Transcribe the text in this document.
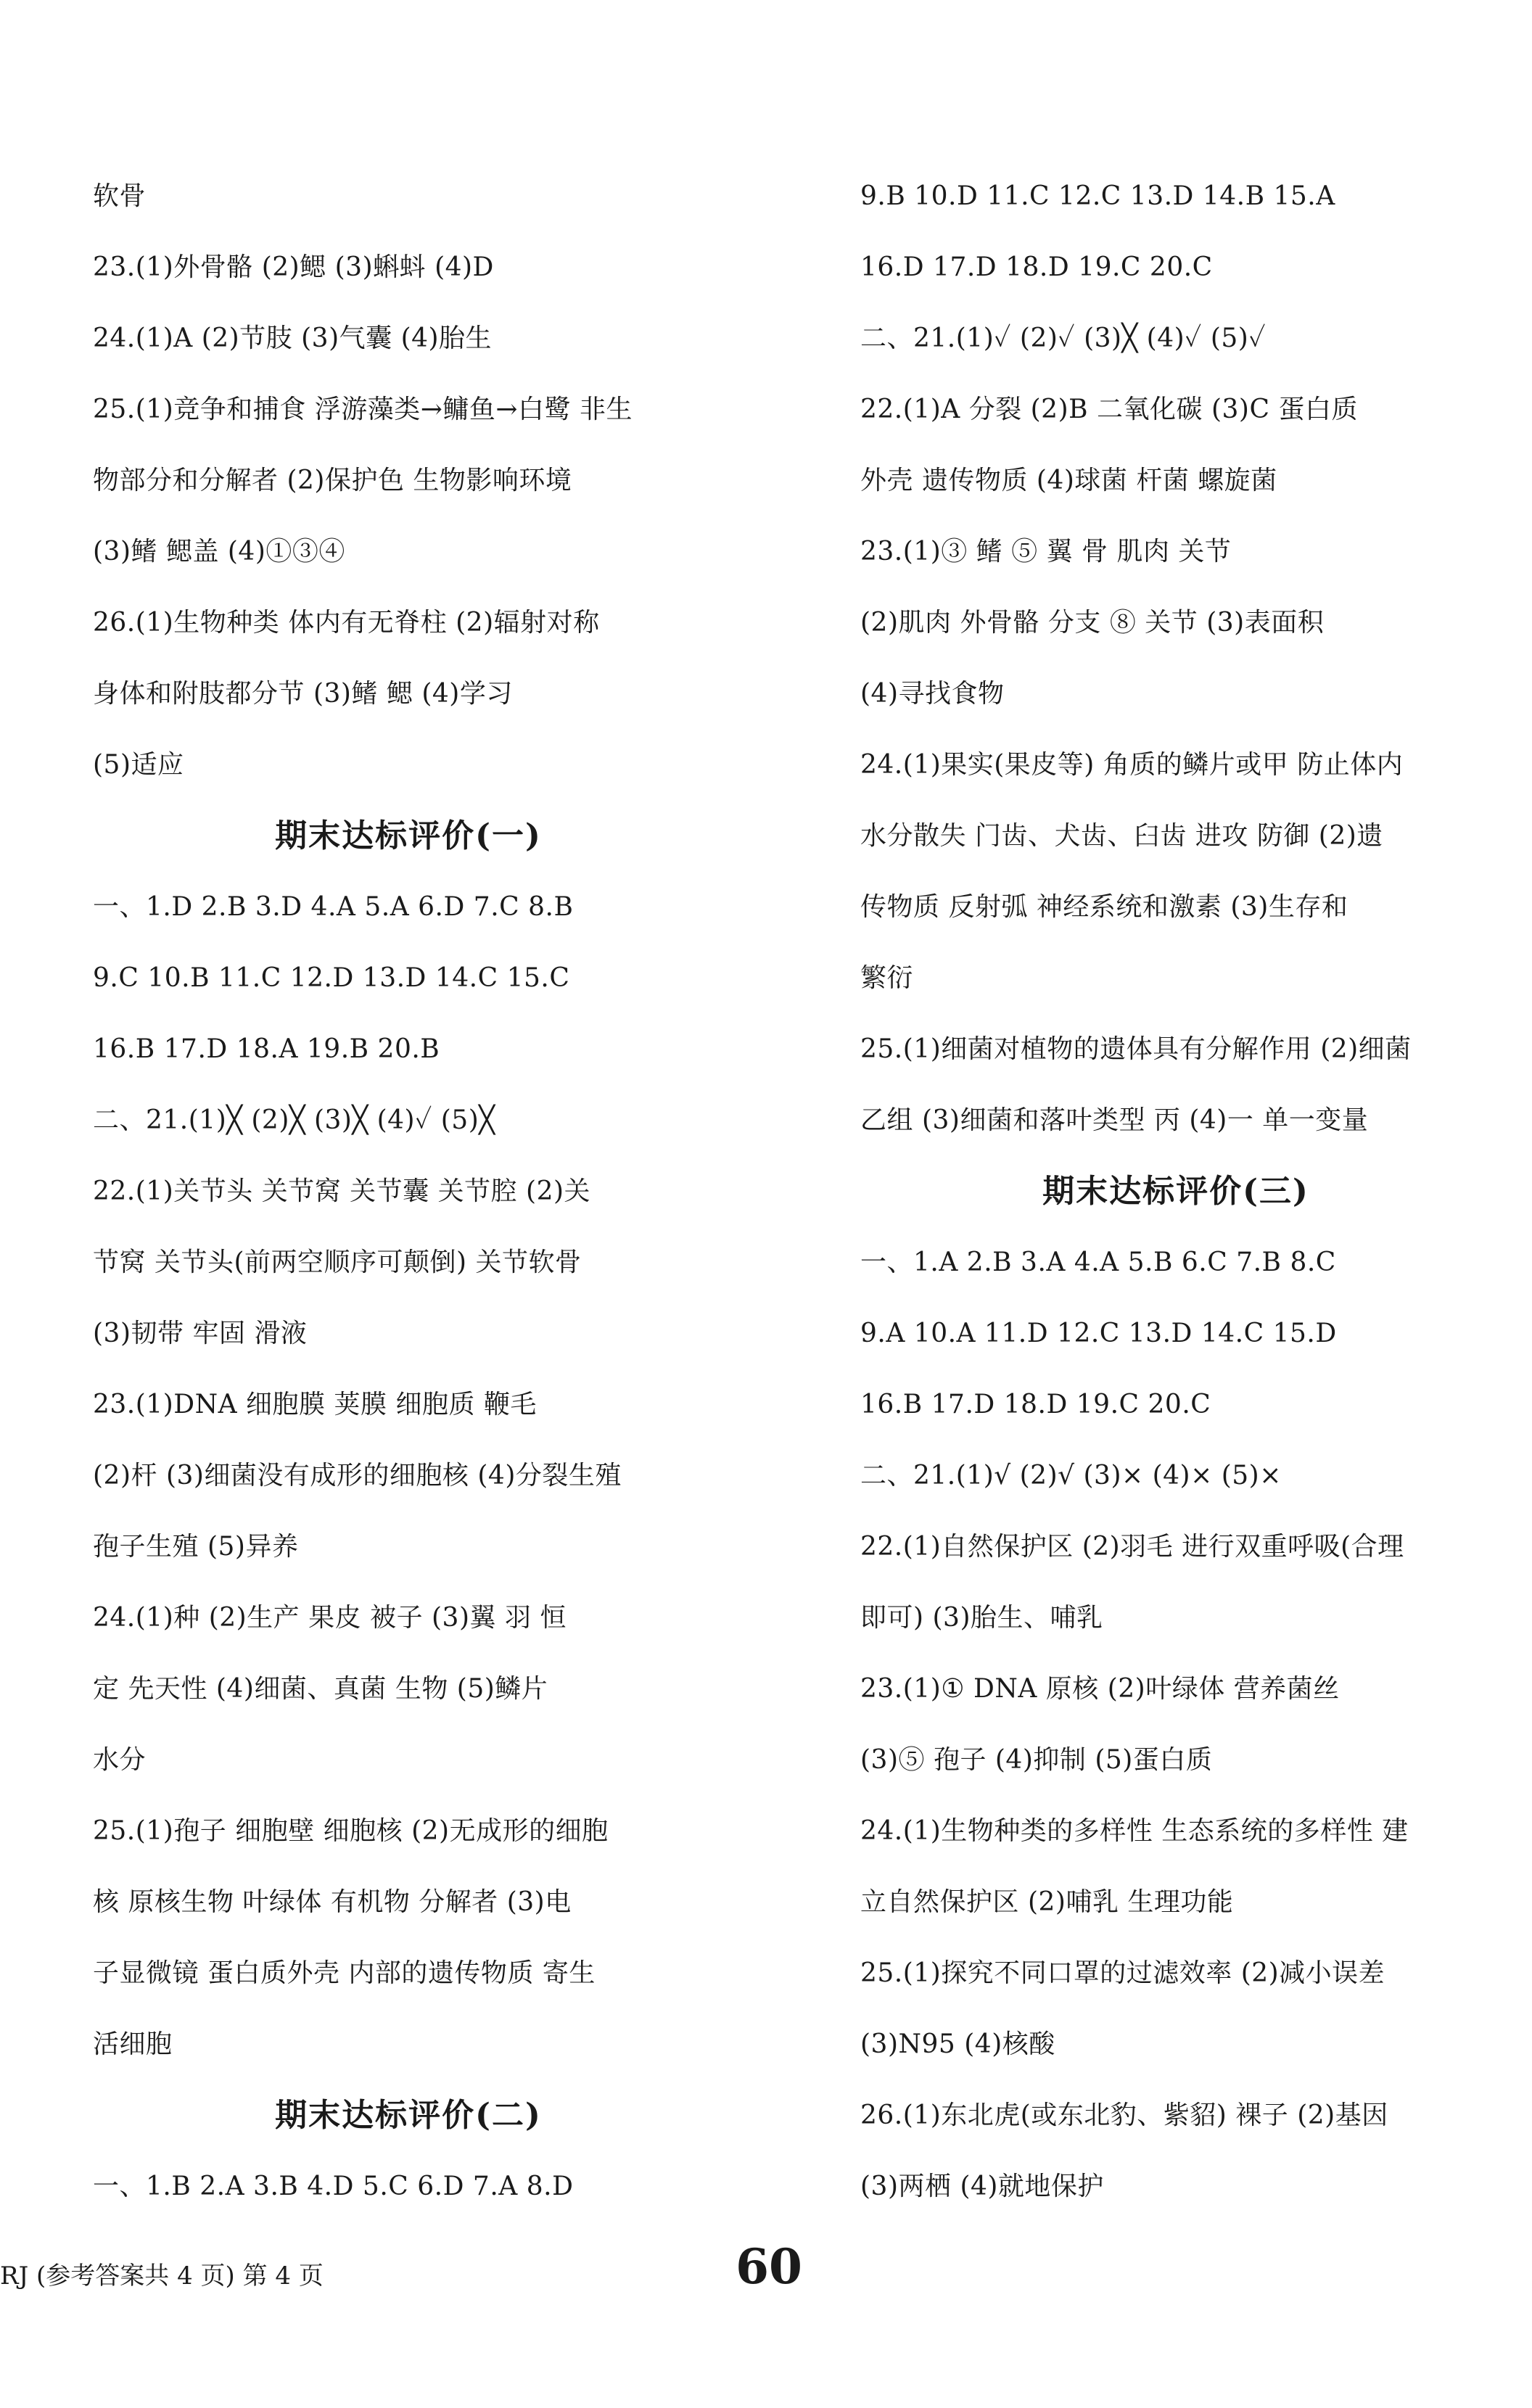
软骨
23.(1)外骨骼 (2)鳃 (3)蝌蚪 (4)D
24.(1)A (2)节肢 (3)气囊 (4)胎生
25.(1)竞争和捕食 浮游藻类→鳙鱼→白鹭 非生
物部分和分解者 (2)保护色 生物影响环境
(3)鳍 鳃盖 (4)①③④
26.(1)生物种类 体内有无脊柱 (2)辐射对称
身体和附肢都分节 (3)鳍 鳃 (4)学习
(5)适应
期末达标评价(一)
一、1.D 2.B 3.D 4.A 5.A 6.D 7.C 8.B
9.C 10.B 11.C 12.D 13.D 14.C 15.C
16.B 17.D 18.A 19.B 20.B
二、21.(1)╳ (2)╳ (3)╳ (4)✓ (5)╳
22.(1)关节头 关节窝 关节囊 关节腔 (2)关
节窝 关节头(前两空顺序可颠倒) 关节软骨
(3)韧带 牢固 滑液
23.(1)DNA 细胞膜 荚膜 细胞质 鞭毛
(2)杆 (3)细菌没有成形的细胞核 (4)分裂生殖
孢子生殖 (5)异养
24.(1)种 (2)生产 果皮 被子 (3)翼 羽 恒
定 先天性 (4)细菌、真菌 生物 (5)鳞片
水分
25.(1)孢子 细胞壁 细胞核 (2)无成形的细胞
核 原核生物 叶绿体 有机物 分解者 (3)电
子显微镜 蛋白质外壳 内部的遗传物质 寄生
活细胞
期末达标评价(二)
一、1.B 2.A 3.B 4.D 5.C 6.D 7.A 8.D
9.B 10.D 11.C 12.C 13.D 14.B 15.A
16.D 17.D 18.D 19.C 20.C
二、21.(1)✓ (2)✓ (3)╳ (4)✓ (5)✓
22.(1)A 分裂 (2)B 二氧化碳 (3)C 蛋白质
外壳 遗传物质 (4)球菌 杆菌 螺旋菌
23.(1)③ 鳍 ⑤ 翼 骨 肌肉 关节
(2)肌肉 外骨骼 分支 ⑧ 关节 (3)表面积
(4)寻找食物
24.(1)果实(果皮等) 角质的鳞片或甲 防止体内
水分散失 门齿、犬齿、臼齿 进攻 防御 (2)遗
传物质 反射弧 神经系统和激素 (3)生存和
繁衍
25.(1)细菌对植物的遗体具有分解作用 (2)细菌
乙组 (3)细菌和落叶类型 丙 (4)一 单一变量
期末达标评价(三)
一、1.A 2.B 3.A 4.A 5.B 6.C 7.B 8.C
9.A 10.A 11.D 12.C 13.D 14.C 15.D
16.B 17.D 18.D 19.C 20.C
二、21.(1)√ (2)√ (3)× (4)× (5)×
22.(1)自然保护区 (2)羽毛 进行双重呼吸(合理
即可) (3)胎生、哺乳
23.(1)① DNA 原核 (2)叶绿体 营养菌丝
(3)⑤ 孢子 (4)抑制 (5)蛋白质
24.(1)生物种类的多样性 生态系统的多样性 建
立自然保护区 (2)哺乳 生理功能
25.(1)探究不同口罩的过滤效率 (2)减小误差
(3)N95 (4)核酸
26.(1)东北虎(或东北豹、紫貂) 裸子 (2)基因
(3)两栖 (4)就地保护
RJ (参考答案共 4 页) 第 4 页	60
